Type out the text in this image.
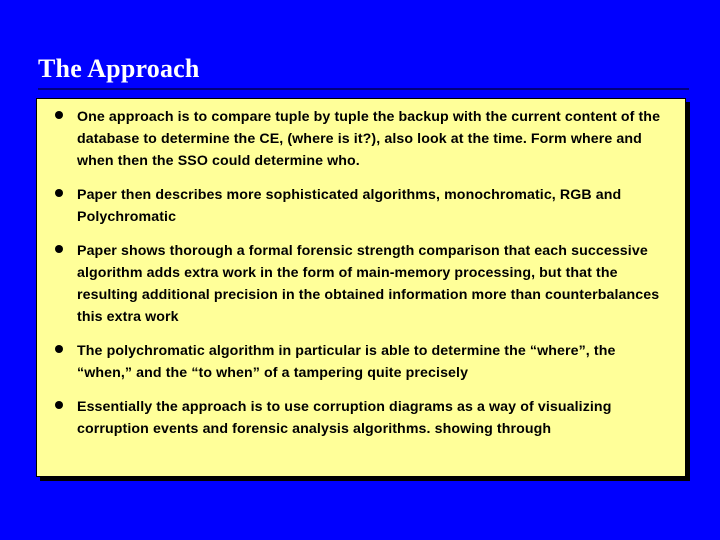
The Approach
One approach is to compare tuple by tuple the backup with the current content of the database to determine the CE, (where is it?), also look at the time. Form where and when then the SSO could determine who.
Paper then describes more sophisticated algorithms, monochromatic, RGB and Polychromatic
Paper shows thorough a formal forensic strength comparison that each successive algorithm adds extra work in the form of main-memory processing, but that the resulting additional precision in the obtained information more than counterbalances this extra work
The polychromatic algorithm in particular is able to determine the “where”, the “when,” and the “to when” of a tampering quite precisely
Essentially the approach is to use corruption diagrams as a way of visualizing corruption events and forensic analysis algorithms. showing through
